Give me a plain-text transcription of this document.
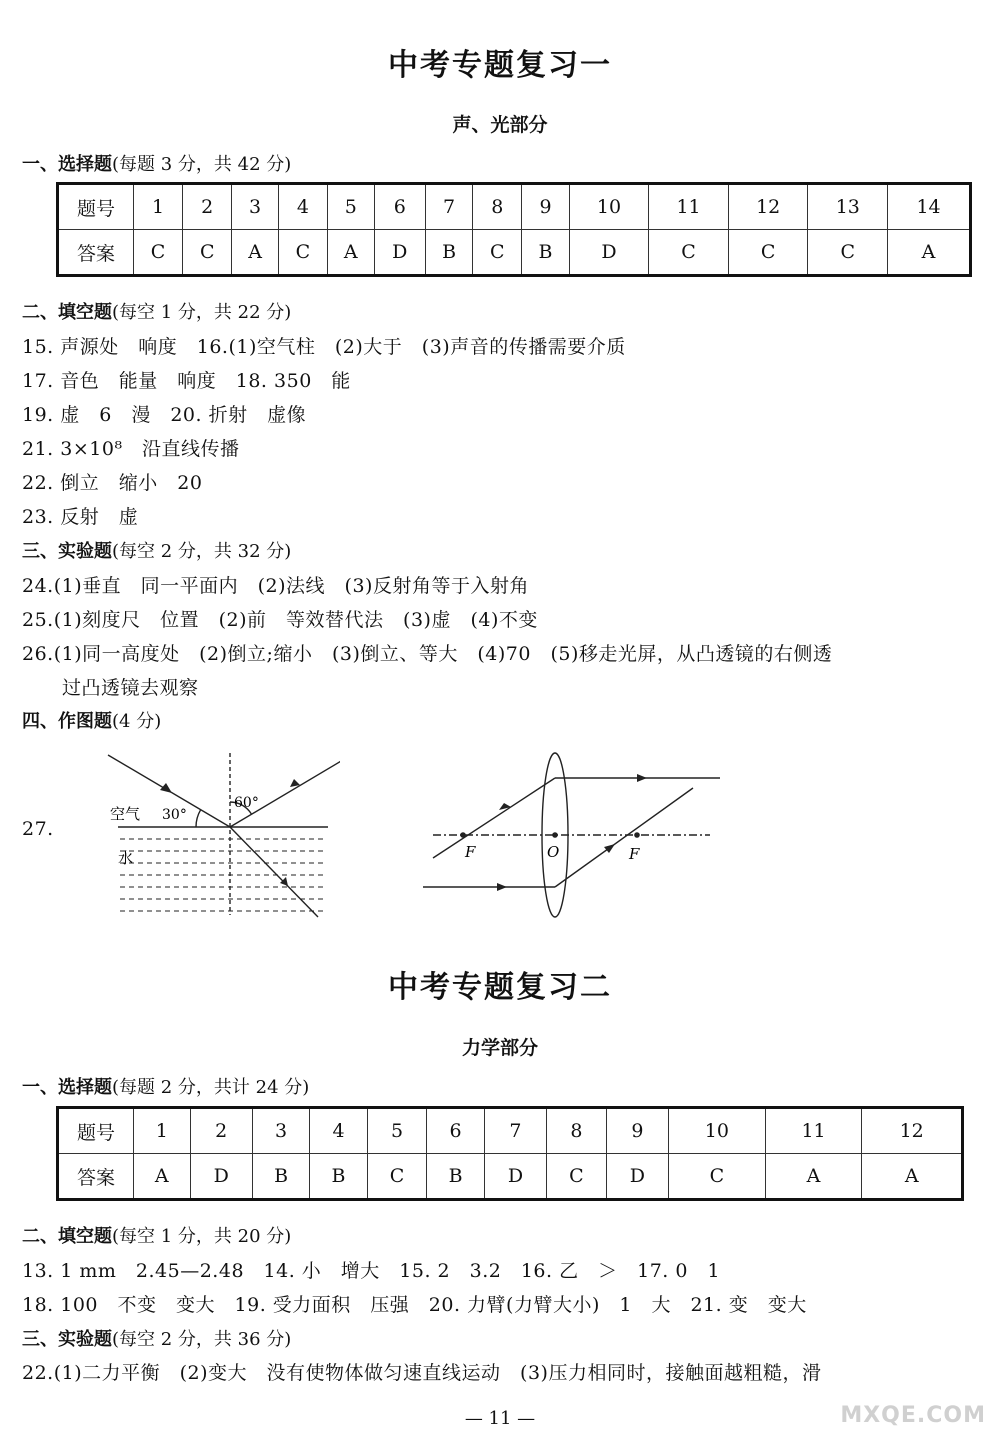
中考专题复习一
声、光部分
一、选择题(每题 3 分，共 42 分)
题号	1	2	3	4	5	6	7	8	9	10	11	12	13	14
答案	C	C	A	C	A	D	B	C	B	D	C	C	C	A
二、填空题(每空 1 分，共 22 分)
15. 声源处　响度　16.(1)空气柱　(2)大于　(3)声音的传播需要介质
17. 音色　能量　响度　18. 350　能
19. 虚　6　漫　20. 折射　虚像
21. 3×10⁸　沿直线传播
22. 倒立　缩小　20
23. 反射　虚
三、实验题(每空 2 分，共 32 分)
24.(1)垂直　同一平面内　(2)法线　(3)反射角等于入射角
25.(1)刻度尺　位置　(2)前　等效替代法　(3)虚　(4)不变
26.(1)同一高度处　(2)倒立;缩小　(3)倒立、等大　(4)70　(5)移走光屏，从凸透镜的右侧透
过凸透镜去观察
四、作图题(4 分)
27.
空气 30°
60°
水	F	O	F
中考专题复习二
力学部分
一、选择题(每题 2 分，共计 24 分)
题号	1	2	3	4	5	6	7	8	9	10	11	12
答案	A	D	B	B	C	B	D	C	D	C	A	A
二、填空题(每空 1 分，共 20 分)
13. 1 mm　2.45—2.48　14. 小　增大　15. 2　3.2　16. 乙　＞　17. 0　1
18. 100　不变　变大　19. 受力面积　压强　20. 力臂(力臂大小)　1　大　21. 变　变大
三、实验题(每空 2 分，共 36 分)
22.(1)二力平衡　(2)变大　没有使物体做匀速直线运动　(3)压力相同时，接触面越粗糙，滑
— 11 —	MXQE.COM
